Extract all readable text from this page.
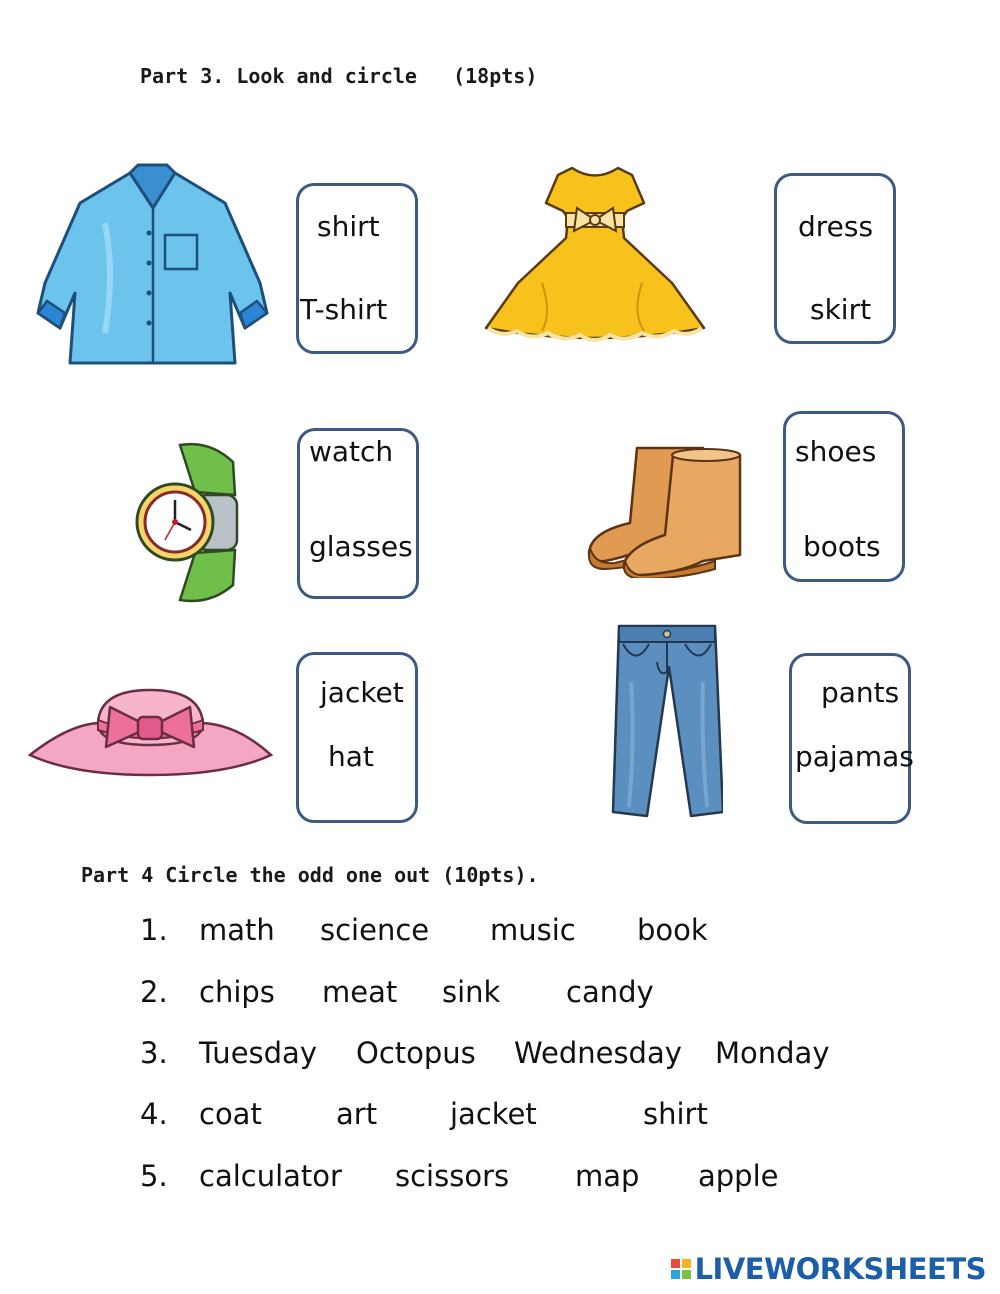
Part 3. Look and circle   (18pts)
shirt
T-shirt
dress
skirt
watch
glasses
shoes
boots
jacket
hat
pants
pajamas
Part 4 Circle the odd one out (10pts).
1. math science music book
2. chips meat sink candy
3. Tuesday Octopus Wednesday Monday
4. coat	art	jacket	shirt
5. calculator scissors map apple
LIVEWORKSHEETS
